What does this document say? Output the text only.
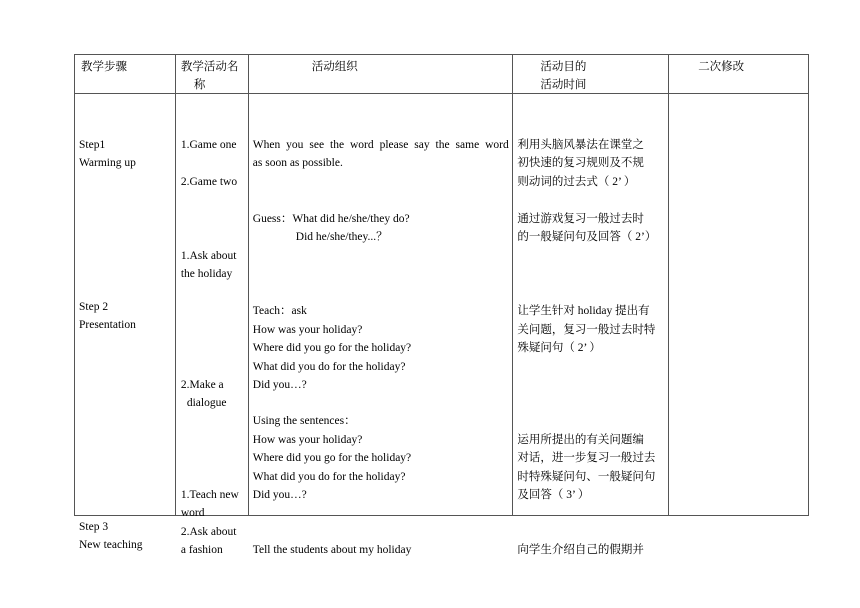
教学步骤	教学活动名
称
活动组织	活动目的
活动时间
二次修改
Step1
Warming up
Step 2
Presentation
Step 3
New teaching
1.Game one
2.Game two
1.Ask about
the holiday
2.Make a
dialogue
1.Teach new
word
2.Ask about
a fashion
When you see the word please say the same word
as soon as possible.
Guess：What did he/she/they do?
Did he/she/they...？
Teach：ask
How was your holiday?
Where did you go for the holiday?
What did you do for the holiday?
Did you…?
Using the sentences：
How was your holiday?
Where did you go for the holiday?
What did you do for the holiday?
Did you…?
Tell the students about my holiday
利用头脑风暴法在课堂之
初快速的复习规则及不规
则动词的过去式（ 2’ ）
通过游戏复习一般过去时
的一般疑问句及回答（ 2’）
让学生针对 holiday 提出有
关问题，复习一般过去时特
殊疑问句（ 2’ ）
运用所提出的有关问题编
对话，进一步复习一般过去
时特殊疑问句、一般疑问句
及回答（ 3’ ）
向学生介绍自己的假期并
